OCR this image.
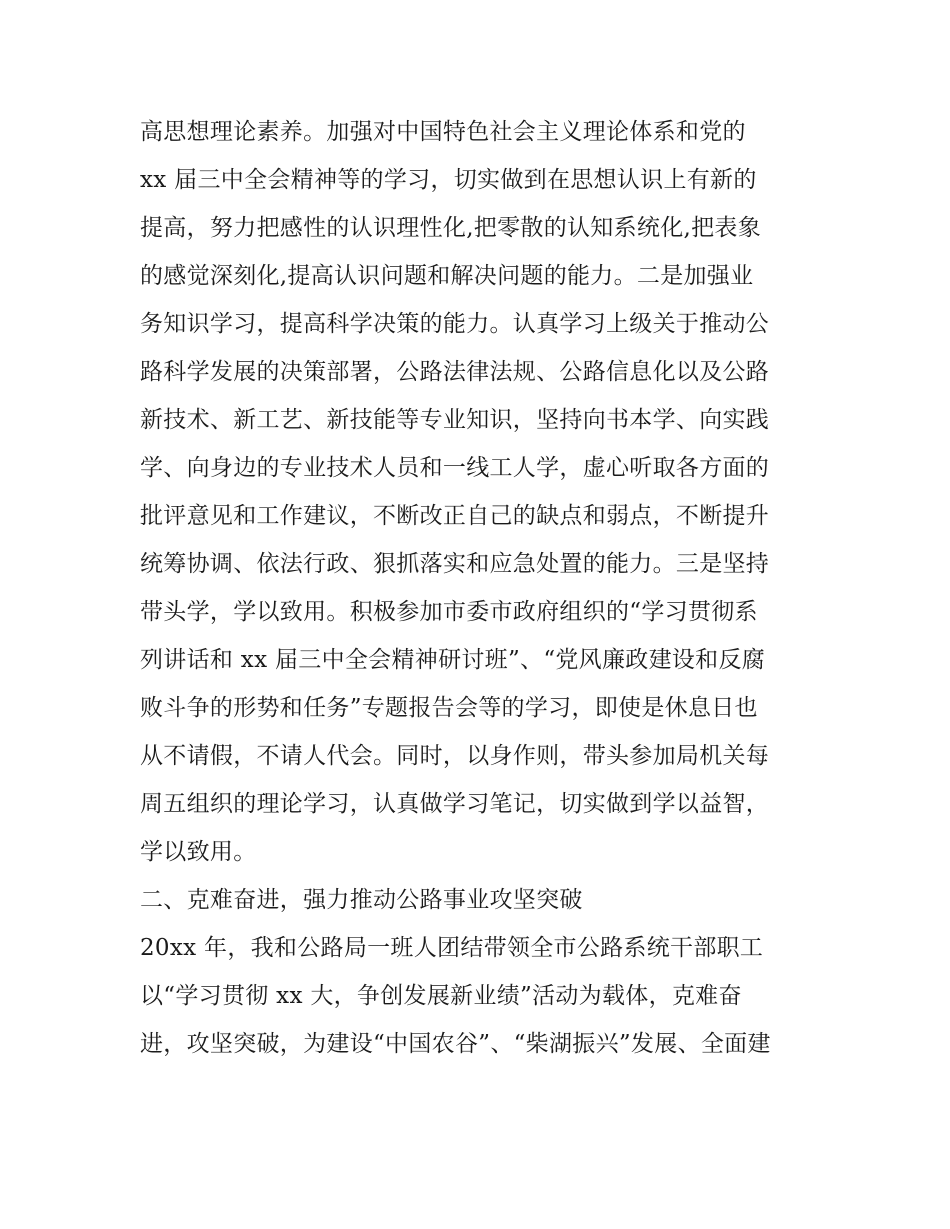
高思想理论素养。加强对中国特色社会主义理论体系和党的
xx 届三中全会精神等的学习，切实做到在思想认识上有新的
提高，努力把感性的认识理性化,把零散的认知系统化,把表象
的感觉深刻化,提高认识问题和解决问题的能力。二是加强业
务知识学习，提高科学决策的能力。认真学习上级关于推动公
路科学发展的决策部署，公路法律法规、公路信息化以及公路
新技术、新工艺、新技能等专业知识，坚持向书本学、向实践
学、向身边的专业技术人员和一线工人学，虚心听取各方面的
批评意见和工作建议，不断改正自己的缺点和弱点，不断提升
统筹协调、依法行政、狠抓落实和应急处置的能力。三是坚持
带头学，学以致用。积极参加市委市政府组织的“学习贯彻系
列讲话和 xx 届三中全会精神研讨班”、“党风廉政建设和反腐
败斗争的形势和任务”专题报告会等的学习，即使是休息日也
从不请假，不请人代会。同时，以身作则，带头参加局机关每
周五组织的理论学习，认真做学习笔记，切实做到学以益智，
学以致用。
二、克难奋进，强力推动公路事业攻坚突破
20xx 年，我和公路局一班人团结带领全市公路系统干部职工
以“学习贯彻 xx 大，争创发展新业绩”活动为载体，克难奋
进，攻坚突破，为建设“中国农谷”、“柴湖振兴”发展、全面建
